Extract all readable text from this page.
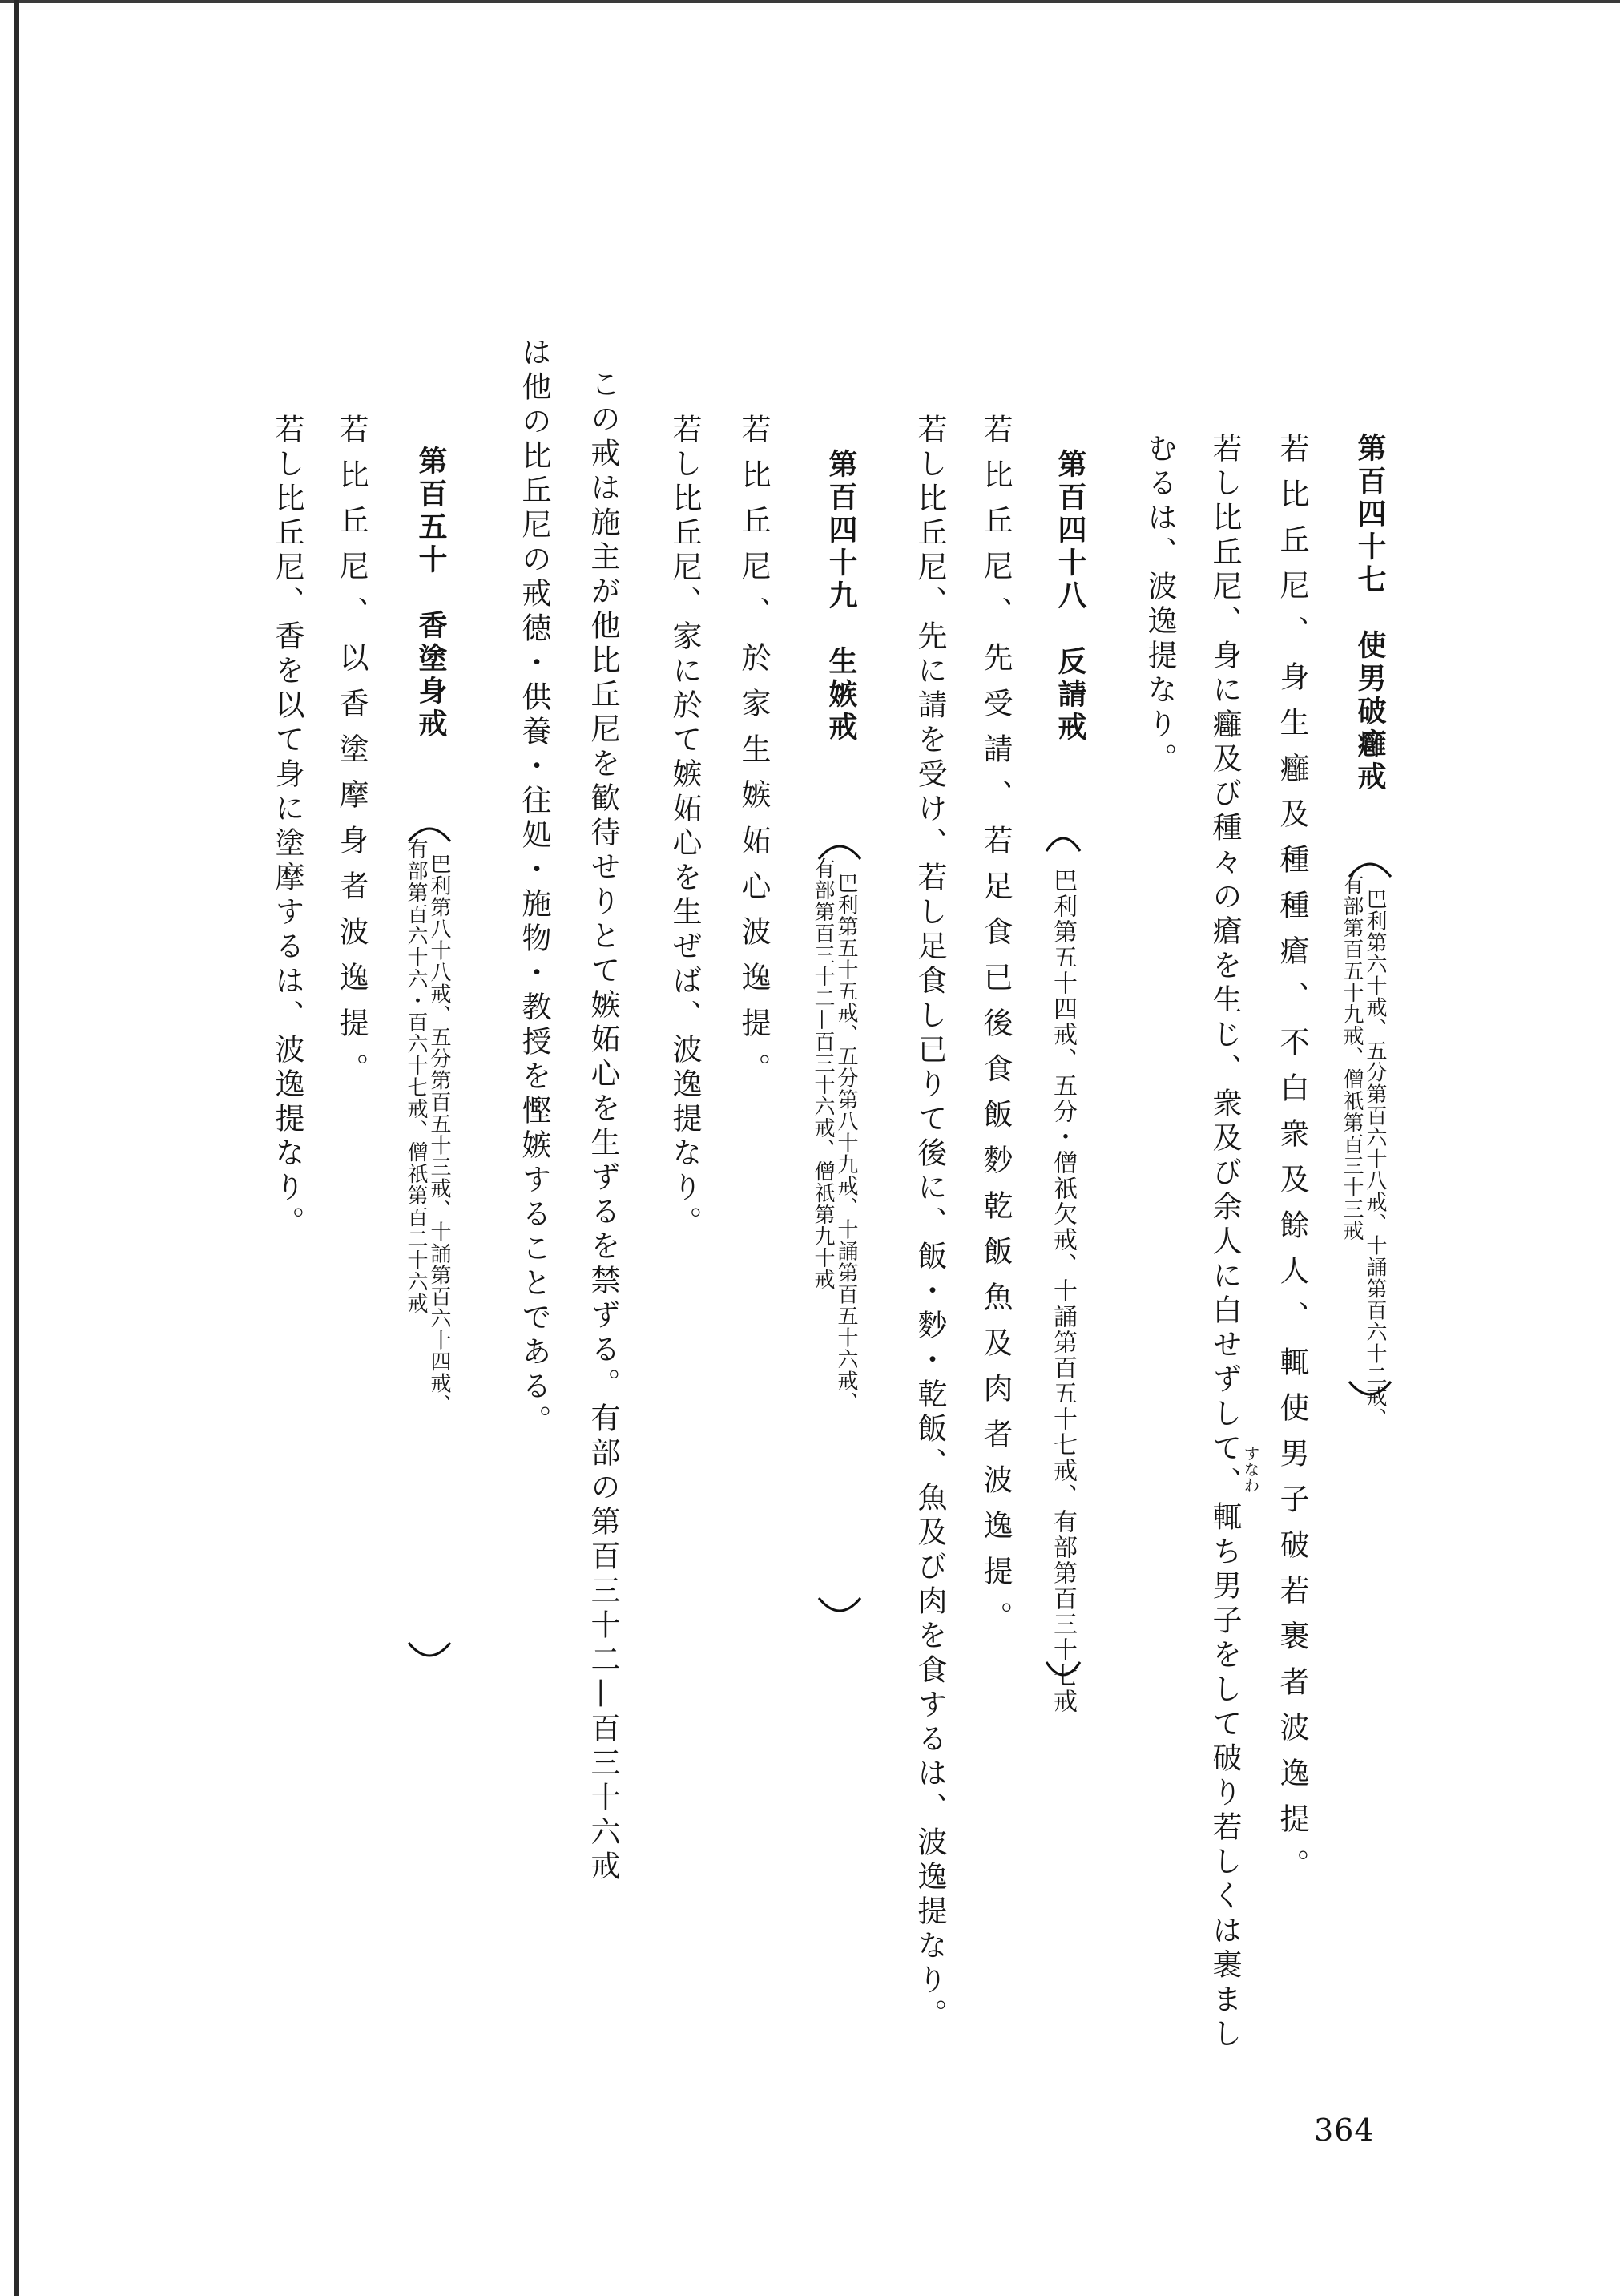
第百四十七　使男破癰戒

巴利第六十戒、五分第百六十八戒、十誦第百六十二戒、
有部第百五十九戒、僧祇第百三十三戒

若比丘尼、身生癰及種種瘡、不白衆及餘人、輒使男子破若裹者波逸提。
若し比丘尼、身に癰及び種々の瘡を生じ、衆及び余人に白せずして、輒ち男子をして破り若しくは裹まし
むるは、波逸提なり。
第百四十八　反請戒

巴利第五十四戒、五分・僧祇欠戒、十誦第百五十七戒、有部第百三十七戒

若比丘尼、先受請、若足食已後食飯麨乾飯魚及肉者波逸提。
若し比丘尼、先に請を受け、若し足食し已りて後に、飯・麨・乾飯、魚及び肉を食するは、波逸提なり。
第百四十九　生嫉戒

巴利第五十五戒、五分第八十九戒、十誦第百五十六戒、
有部第百三十二—百三十六戒、僧祇第九十戒

若比丘尼、於家生嫉妬心波逸提。
若し比丘尼、家に於て嫉妬心を生ぜば、波逸提なり。
この戒は施主が他比丘尼を歓待せりとて嫉妬心を生ずるを禁ずる。有部の第百三十二—百三十六戒
は他の比丘尼の戒徳・供養・往処・施物・教授を慳嫉することである。
第百五十　香塗身戒

巴利第八十八戒、五分第百五十三戒、十誦第百六十四戒、
有部第百六十六・百六十七戒、僧祇第百二十六戒

若比丘尼、以香塗摩身者波逸提。
若し比丘尼、香を以て身に塗摩するは、波逸提なり。

すなわ

364
